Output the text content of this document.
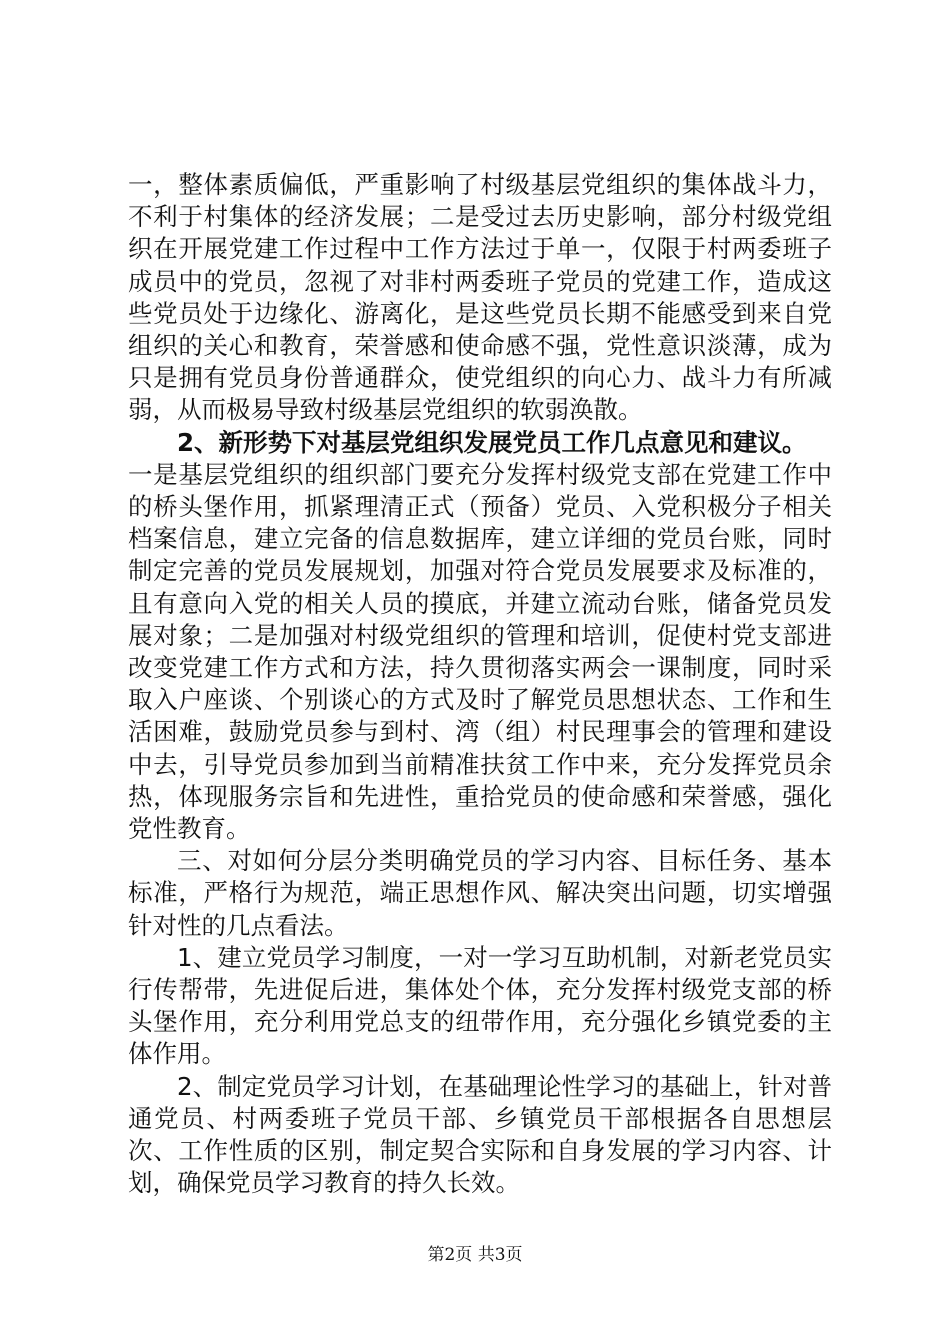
一，整体素质偏低，严重影响了村级基层党组织的集体战斗力，不利于村集体的经济发展；二是受过去历史影响，部分村级党组织在开展党建工作过程中工作方法过于单一，仅限于村两委班子成员中的党员，忽视了对非村两委班子党员的党建工作，造成这些党员处于边缘化、游离化，是这些党员长期不能感受到来自党组织的关心和教育，荣誉感和使命感不强，党性意识淡薄，成为只是拥有党员身份普通群众，使党组织的向心力、战斗力有所减弱，从而极易导致村级基层党组织的软弱涣散。

2、新形势下对基层党组织发展党员工作几点意见和建议。

一是基层党组织的组织部门要充分发挥村级党支部在党建工作中的桥头堡作用，抓紧理清正式（预备）党员、入党积极分子相关档案信息，建立完备的信息数据库，建立详细的党员台账，同时制定完善的党员发展规划，加强对符合党员发展要求及标准的，且有意向入党的相关人员的摸底，并建立流动台账，储备党员发展对象；二是加强对村级党组织的管理和培训，促使村党支部进改变党建工作方式和方法，持久贯彻落实两会一课制度，同时采取入户座谈、个别谈心的方式及时了解党员思想状态、工作和生活困难，鼓励党员参与到村、湾（组）村民理事会的管理和建设中去，引导党员参加到当前精准扶贫工作中来，充分发挥党员余热，体现服务宗旨和先进性，重拾党员的使命感和荣誉感，强化党性教育。

三、对如何分层分类明确党员的学习内容、目标任务、基本标准，严格行为规范，端正思想作风、解决突出问题，切实增强针对性的几点看法。

1、建立党员学习制度，一对一学习互助机制，对新老党员实行传帮带，先进促后进，集体处个体，充分发挥村级党支部的桥头堡作用，充分利用党总支的纽带作用，充分强化乡镇党委的主体作用。

2、制定党员学习计划，在基础理论性学习的基础上，针对普通党员、村两委班子党员干部、乡镇党员干部根据各自思想层次、工作性质的区别，制定契合实际和自身发展的学习内容、计划，确保党员学习教育的持久长效。

第2页 共3页
